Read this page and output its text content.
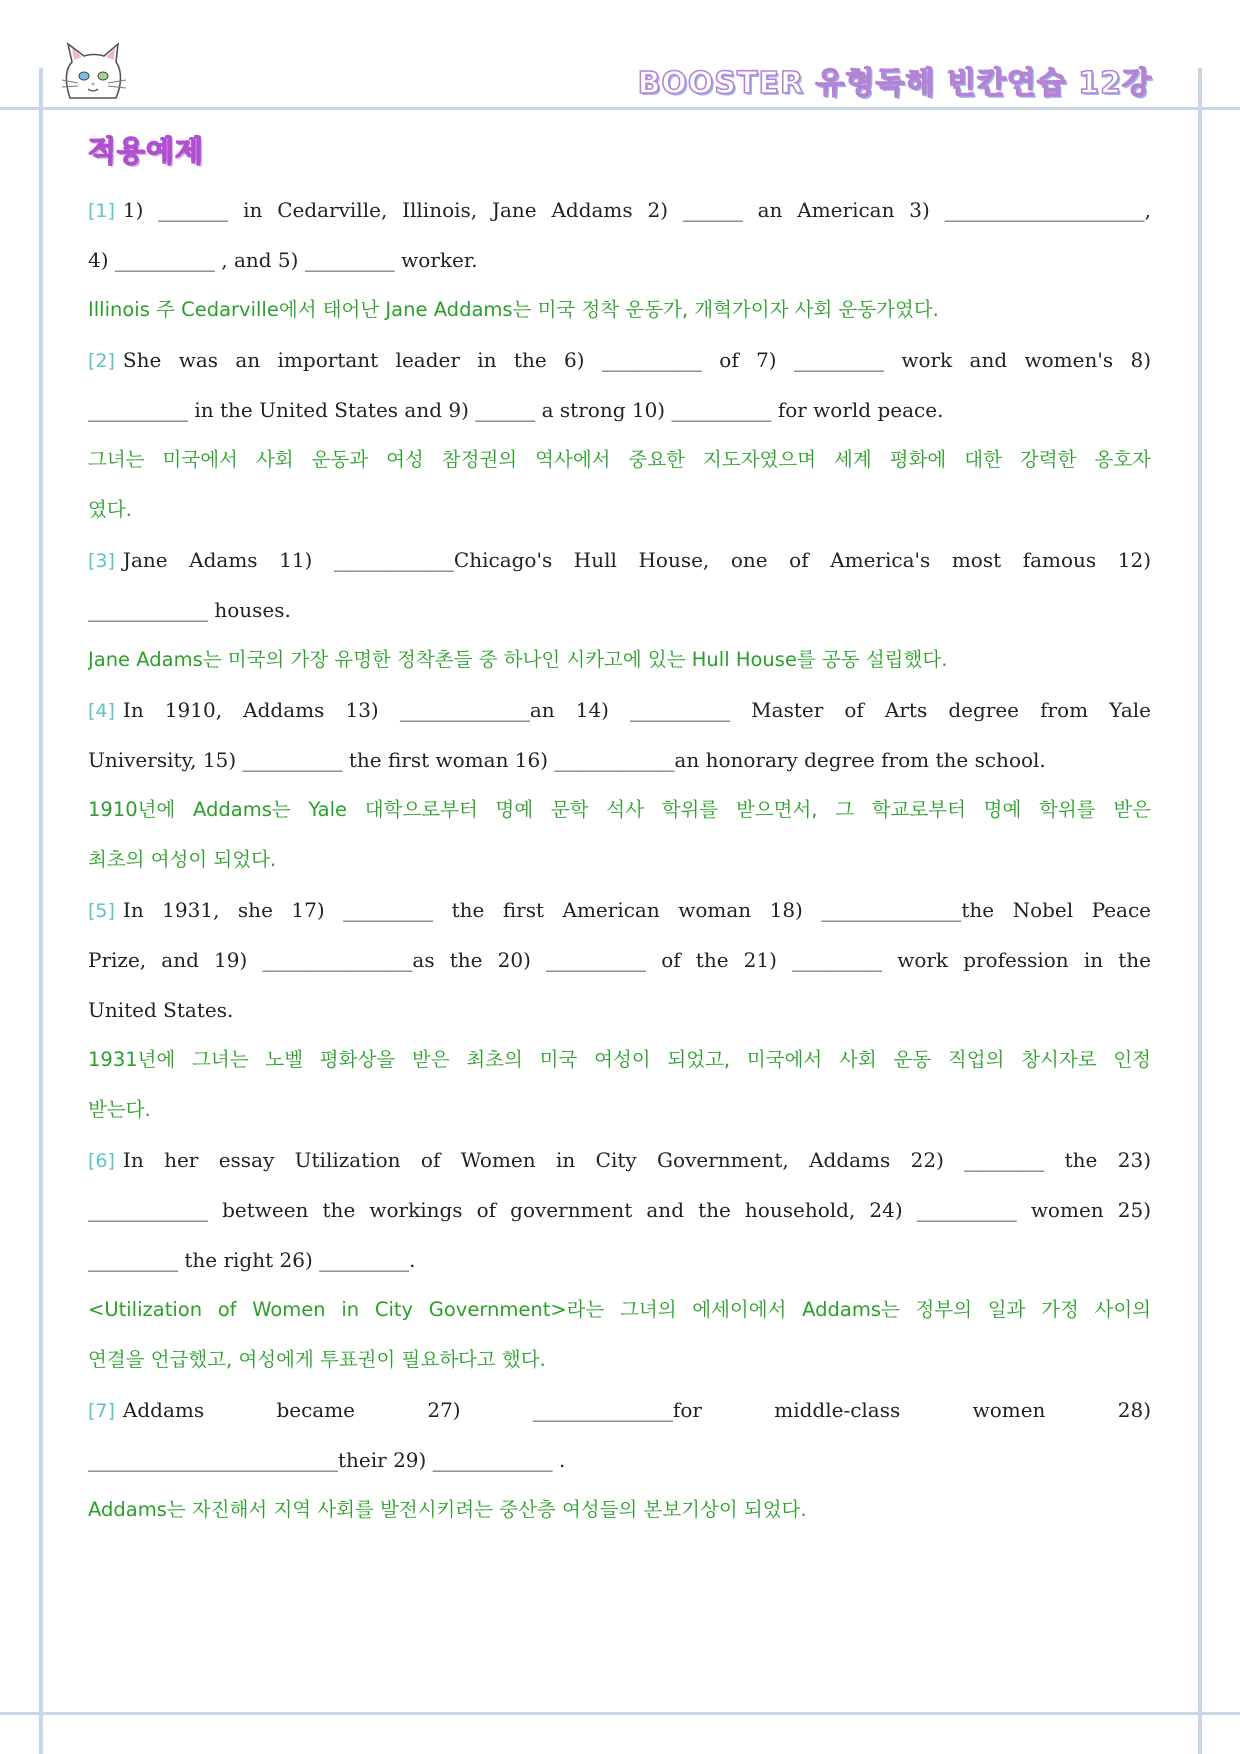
BOOSTER 유형독해 빈칸연습 12강
적용예제
[1] 1) _______ in Cedarville, Illinois, Jane Addams 2) ______ an American 3) ____________________,
4) __________ , and 5) _________ worker.
Illinois 주 Cedarville에서 태어난 Jane Addams는 미국 정착 운동가, 개혁가이자 사회 운동가였다.
[2] She was an important leader in the 6) __________ of 7) _________ work and women's 8)
__________ in the United States and 9) ______ a strong 10) __________ for world peace.
그녀는 미국에서 사회 운동과 여성 참정권의 역사에서 중요한 지도자였으며 세계 평화에 대한 강력한 옹호자
였다.
[3] Jane Adams 11) ____________Chicago's Hull House, one of America's most famous 12)
____________ houses.
Jane Adams는 미국의 가장 유명한 정착촌들 중 하나인 시카고에 있는 Hull House를 공동 설립했다.
[4] In 1910, Addams 13) _____________an 14) __________ Master of Arts degree from Yale
University, 15) __________ the first woman 16) ____________an honorary degree from the school.
1910년에 Addams는 Yale 대학으로부터 명예 문학 석사 학위를 받으면서, 그 학교로부터 명예 학위를 받은
최초의 여성이 되었다.
[5] In 1931, she 17) _________ the first American woman 18) ______________the Nobel Peace
Prize, and 19) _______________as the 20) __________ of the 21) _________ work profession in the
United States.
1931년에 그녀는 노벨 평화상을 받은 최초의 미국 여성이 되었고, 미국에서 사회 운동 직업의 창시자로 인정
받는다.
[6] In her essay Utilization of Women in City Government, Addams 22) ________ the 23)
____________ between the workings of government and the household, 24) __________ women 25)
_________ the right 26) _________.
<Utilization of Women in City Government>라는 그녀의 에세이에서 Addams는 정부의 일과 가정 사이의
연결을 언급했고, 여성에게 투표권이 필요하다고 했다.
[7] Addams became 27) ______________for middle-class women 28)
_________________________their 29) ____________ .
Addams는 자진해서 지역 사회를 발전시키려는 중산층 여성들의 본보기상이 되었다.
